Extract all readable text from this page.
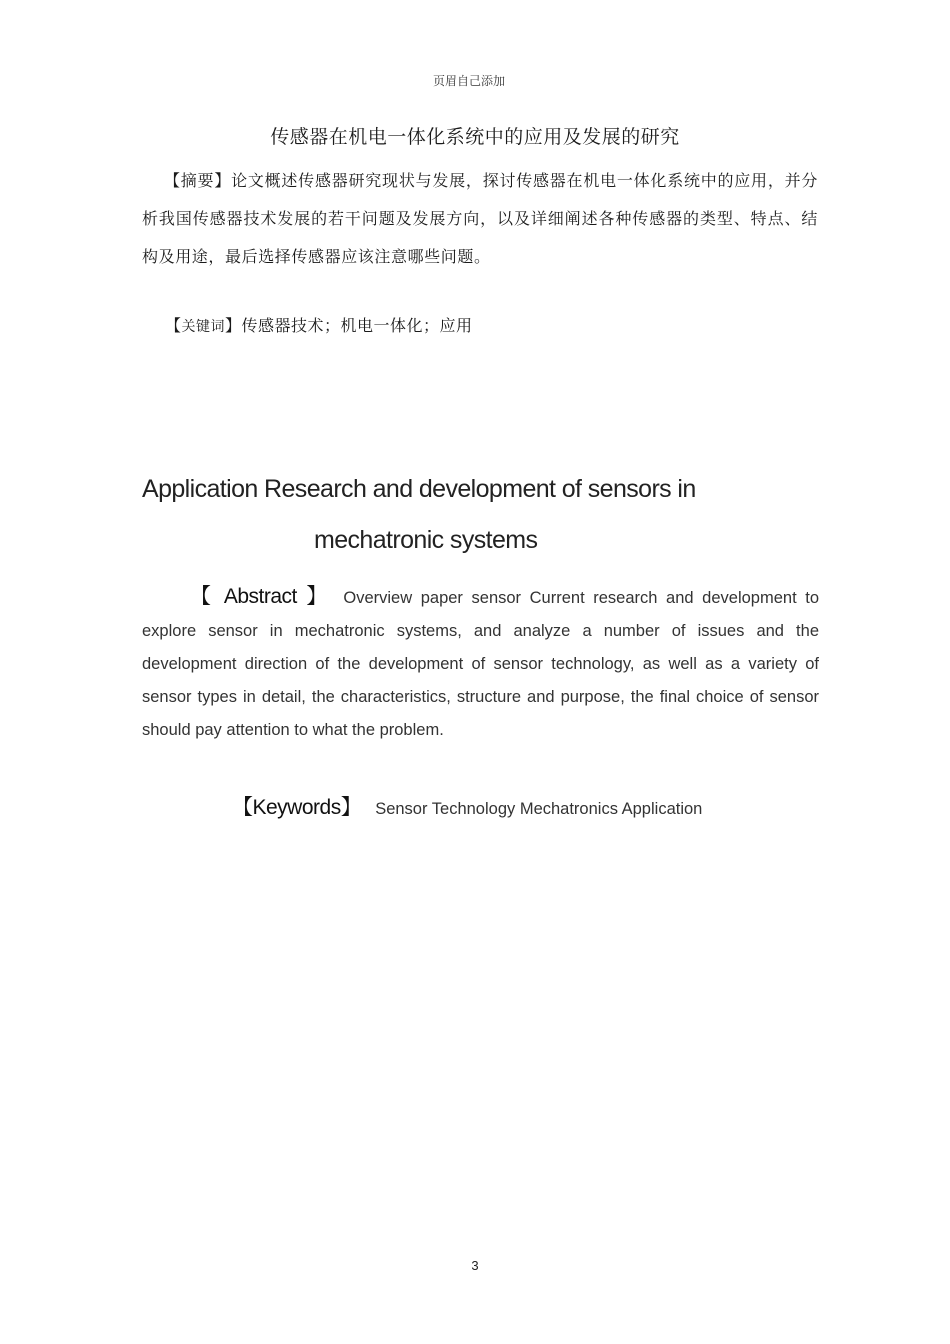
页眉自己添加
传感器在机电一体化系统中的应用及发展的研究
【摘要】论文概述传感器研究现状与发展，探讨传感器在机电一体化系统中的应用，并分析我国传感器技术发展的若干问题及发展方向，以及详细阐述各种传感器的类型、特点、结构及用途，最后选择传感器应该注意哪些问题。
【关键词】传感器技术；机电一体化；应用
Application Research and development of sensors in
mechatronic systems
【 Abstract 】 Overview paper sensor Current research and development to explore sensor in mechatronic systems, and analyze a number of issues and the development direction of the development of sensor technology, as well as a variety of sensor types in detail, the characteristics, structure and purpose, the final choice of sensor should pay attention to what the problem.
【Keywords】 Sensor Technology Mechatronics Application
3
